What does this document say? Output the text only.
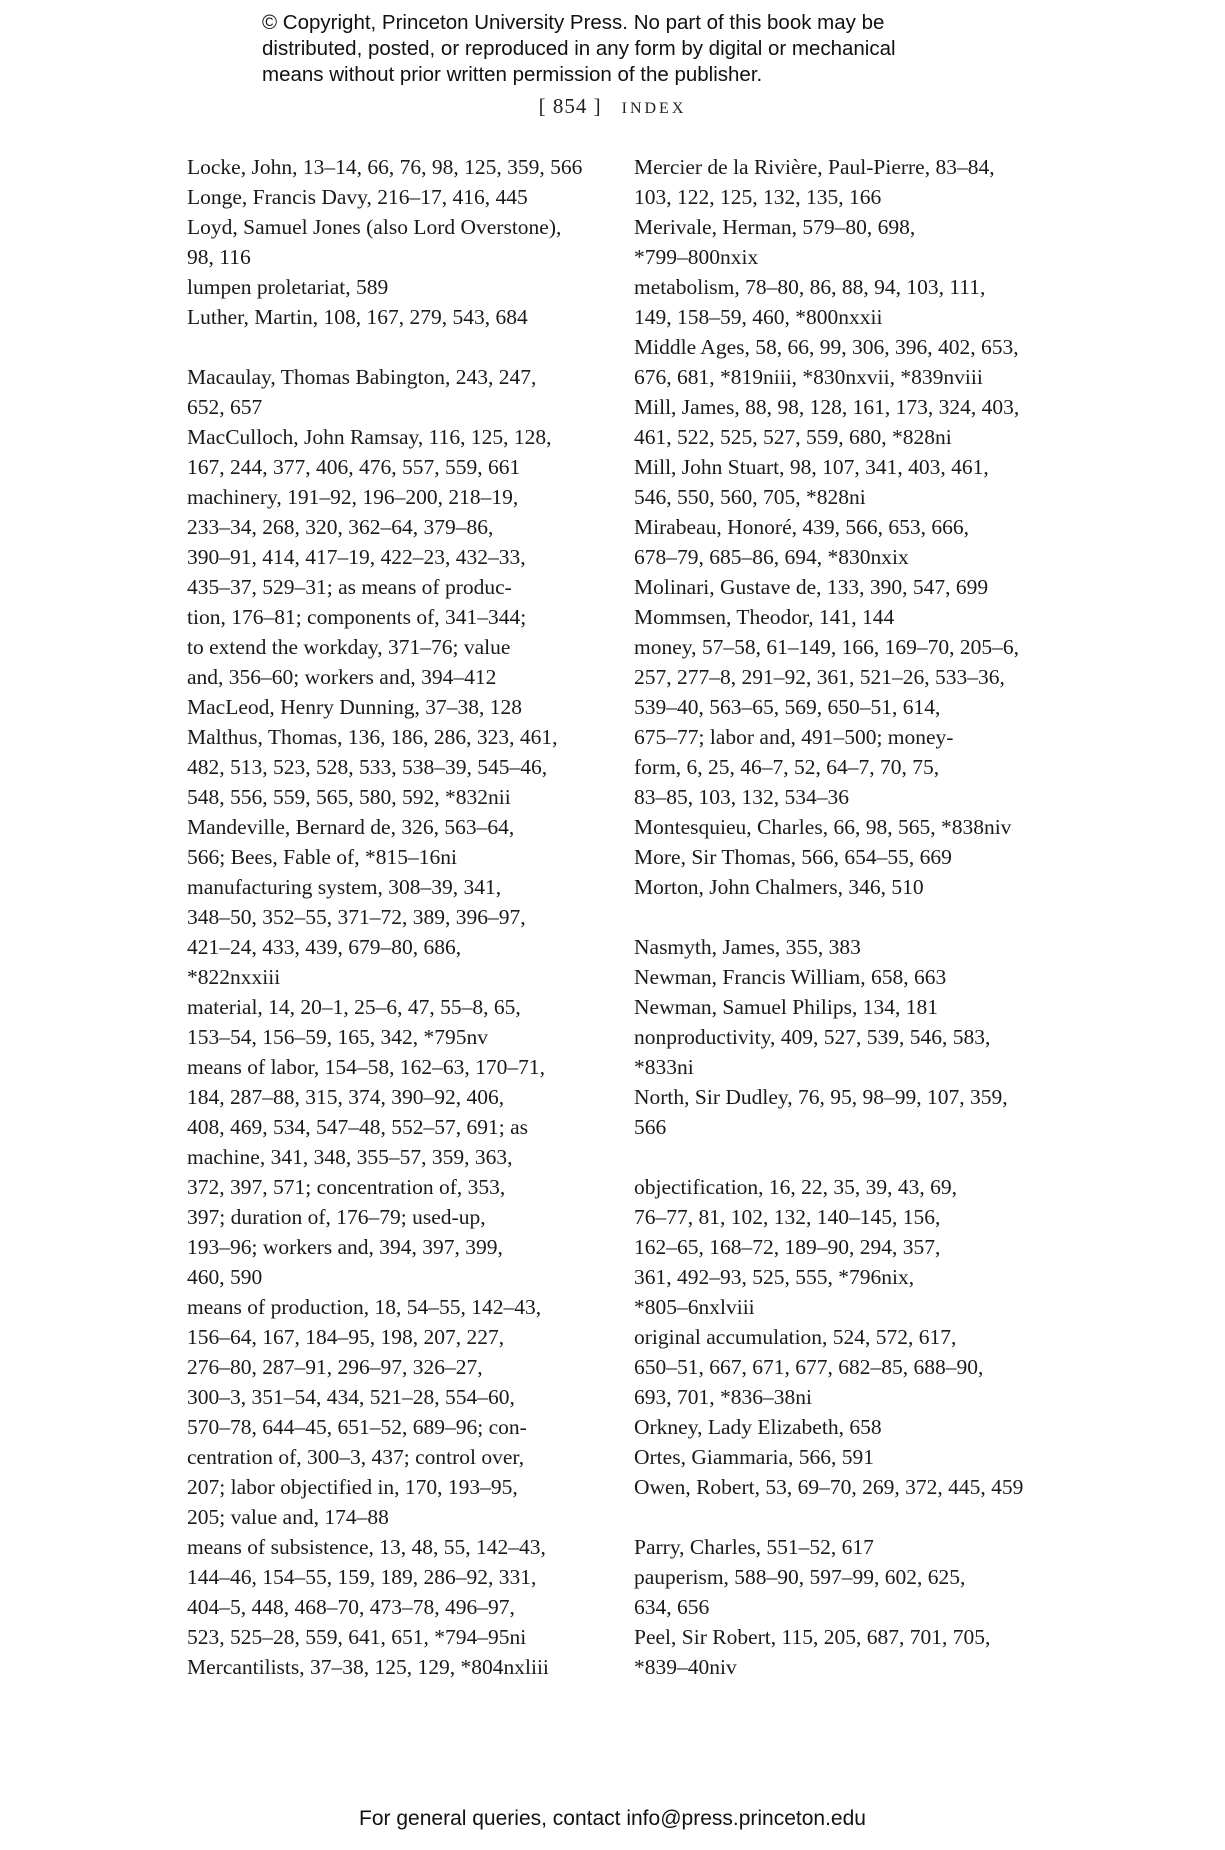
© Copyright, Princeton University Press. No part of this book may be
distributed, posted, or reproduced in any form by digital or mechanical
means without prior written permission of the publisher.
[ 854 ] INDEX
Locke, John, 13–14, 66, 76, 98, 125, 359, 566
Longe, Francis Davy, 216–17, 416, 445
Loyd, Samuel Jones (also Lord Overstone),
98, 116
lumpen proletariat, 589
Luther, Martin, 108, 167, 279, 543, 684
Macaulay, Thomas Babington, 243, 247,
652, 657
MacCulloch, John Ramsay, 116, 125, 128,
167, 244, 377, 406, 476, 557, 559, 661
machinery, 191–92, 196–200, 218–19,
233–34, 268, 320, 362–64, 379–86,
390–91, 414, 417–19, 422–23, 432–33,
435–37, 529–31; as means of produc-
tion, 176–81; components of, 341–344;
to extend the workday, 371–76; value
and, 356–60; workers and, 394–412
MacLeod, Henry Dunning, 37–38, 128
Malthus, Thomas, 136, 186, 286, 323, 461,
482, 513, 523, 528, 533, 538–39, 545–46,
548, 556, 559, 565, 580, 592, *832nii
Mandeville, Bernard de, 326, 563–64,
566; Bees, Fable of, *815–16ni
manufacturing system, 308–39, 341,
348–50, 352–55, 371–72, 389, 396–97,
421–24, 433, 439, 679–80, 686,
*822nxxiii
material, 14, 20–1, 25–6, 47, 55–8, 65,
153–54, 156–59, 165, 342, *795nv
means of labor, 154–58, 162–63, 170–71,
184, 287–88, 315, 374, 390–92, 406,
408, 469, 534, 547–48, 552–57, 691; as
machine, 341, 348, 355–57, 359, 363,
372, 397, 571; concentration of, 353,
397; duration of, 176–79; used-up,
193–96; workers and, 394, 397, 399,
460, 590
means of production, 18, 54–55, 142–43,
156–64, 167, 184–95, 198, 207, 227,
276–80, 287–91, 296–97, 326–27,
300–3, 351–54, 434, 521–28, 554–60,
570–78, 644–45, 651–52, 689–96; con-
centration of, 300–3, 437; control over,
207; labor objectified in, 170, 193–95,
205; value and, 174–88
means of subsistence, 13, 48, 55, 142–43,
144–46, 154–55, 159, 189, 286–92, 331,
404–5, 448, 468–70, 473–78, 496–97,
523, 525–28, 559, 641, 651, *794–95ni
Mercantilists, 37–38, 125, 129, *804nxliii
Mercier de la Rivière, Paul-Pierre, 83–84,
103, 122, 125, 132, 135, 166
Merivale, Herman, 579–80, 698,
*799–800nxix
metabolism, 78–80, 86, 88, 94, 103, 111,
149, 158–59, 460, *800nxxii
Middle Ages, 58, 66, 99, 306, 396, 402, 653,
676, 681, *819niii, *830nxvii, *839nviii
Mill, James, 88, 98, 128, 161, 173, 324, 403,
461, 522, 525, 527, 559, 680, *828ni
Mill, John Stuart, 98, 107, 341, 403, 461,
546, 550, 560, 705, *828ni
Mirabeau, Honoré, 439, 566, 653, 666,
678–79, 685–86, 694, *830nxix
Molinari, Gustave de, 133, 390, 547, 699
Mommsen, Theodor, 141, 144
money, 57–58, 61–149, 166, 169–70, 205–6,
257, 277–8, 291–92, 361, 521–26, 533–36,
539–40, 563–65, 569, 650–51, 614,
675–77; labor and, 491–500; money-
form, 6, 25, 46–7, 52, 64–7, 70, 75,
83–85, 103, 132, 534–36
Montesquieu, Charles, 66, 98, 565, *838niv
More, Sir Thomas, 566, 654–55, 669
Morton, John Chalmers, 346, 510
Nasmyth, James, 355, 383
Newman, Francis William, 658, 663
Newman, Samuel Philips, 134, 181
nonproductivity, 409, 527, 539, 546, 583,
*833ni
North, Sir Dudley, 76, 95, 98–99, 107, 359,
566
objectification, 16, 22, 35, 39, 43, 69,
76–77, 81, 102, 132, 140–145, 156,
162–65, 168–72, 189–90, 294, 357,
361, 492–93, 525, 555, *796nix,
*805–6nxlviii
original accumulation, 524, 572, 617,
650–51, 667, 671, 677, 682–85, 688–90,
693, 701, *836–38ni
Orkney, Lady Elizabeth, 658
Ortes, Giammaria, 566, 591
Owen, Robert, 53, 69–70, 269, 372, 445, 459
Parry, Charles, 551–52, 617
pauperism, 588–90, 597–99, 602, 625,
634, 656
Peel, Sir Robert, 115, 205, 687, 701, 705,
*839–40niv
For general queries, contact info@press.princeton.edu
